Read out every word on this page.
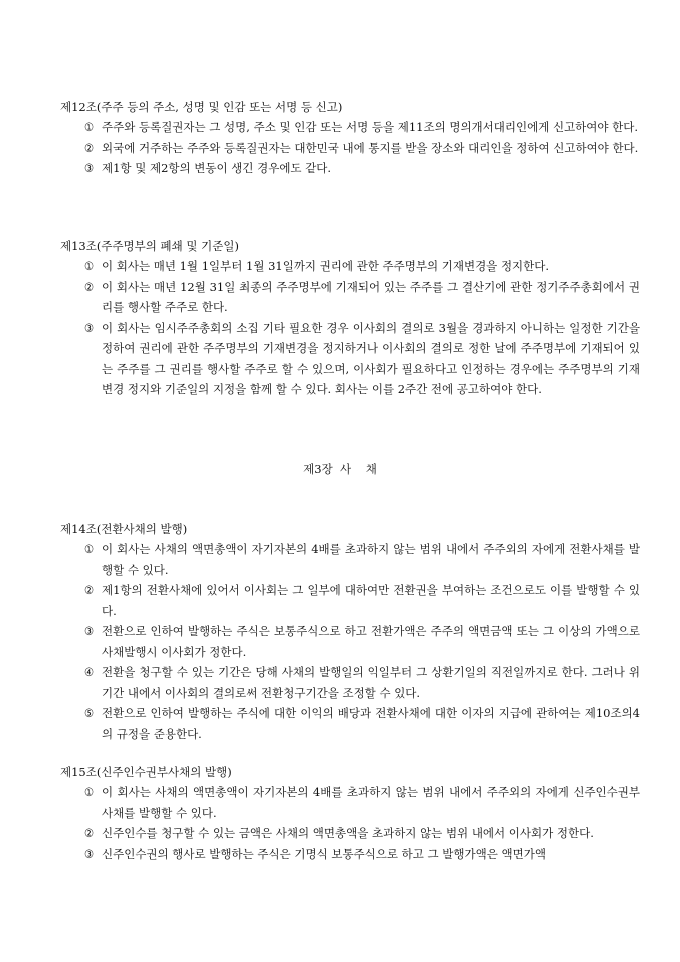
제12조(주주 등의 주소, 성명 및 인감 또는 서명 등 신고)
① 주주와 등록질권자는 그 성명, 주소 및 인감 또는 서명 등을 제11조의 명의개서대리인에게 신고하여야 한다.
② 외국에 거주하는 주주와 등록질권자는 대한민국 내에 통지를 받을 장소와 대리인을 정하여 신고하여야 한다.
③ 제1항 및 제2항의 변동이 생긴 경우에도 같다.
제13조(주주명부의 폐쇄 및 기준일)
① 이 회사는 매년 1월 1일부터 1월 31일까지 권리에 관한 주주명부의 기재변경을 정지한다.
② 이 회사는 매년 12월 31일 최종의 주주명부에 기재되어 있는 주주를 그 결산기에 관한 정기주주총회에서 권리를 행사할 주주로 한다.
③ 이 회사는 임시주주총회의 소집 기타 필요한 경우 이사회의 결의로 3월을 경과하지 아니하는 일정한 기간을 정하여 권리에 관한 주주명부의 기재변경을 정지하거나 이사회의 결의로 정한 날에 주주명부에 기재되어 있는 주주를 그 권리를 행사할 주주로 할 수 있으며, 이사회가 필요하다고 인정하는 경우에는 주주명부의 기재변경 정지와 기준일의 지정을 함께 할 수 있다. 회사는 이를 2주간 전에 공고하여야 한다.
제3장  사    채
제14조(전환사채의 발행)
① 이 회사는 사채의 액면총액이 자기자본의 4배를 초과하지 않는 범위 내에서 주주외의 자에게 전환사채를 발행할 수 있다.
② 제1항의 전환사채에 있어서 이사회는 그 일부에 대하여만 전환권을 부여하는 조건으로도 이를 발행할 수 있다.
③ 전환으로 인하여 발행하는 주식은 보통주식으로 하고 전환가액은 주주의 액면금액 또는 그 이상의 가액으로 사채발행시 이사회가 정한다.
④ 전환을 청구할 수 있는 기간은 당해 사채의 발행일의 익일부터 그 상환기일의 직전일까지로 한다. 그러나 위 기간 내에서 이사회의 결의로써 전환청구기간을 조정할 수 있다.
⑤ 전환으로 인하여 발행하는 주식에 대한 이익의 배당과 전환사채에 대한 이자의 지급에 관하여는 제10조의4의 규정을 준용한다.
제15조(신주인수권부사채의 발행)
① 이 회사는 사채의 액면총액이 자기자본의 4배를 초과하지 않는 범위 내에서 주주외의 자에게 신주인수권부사채를 발행할 수 있다.
② 신주인수를 청구할 수 있는 금액은 사채의 액면총액을 초과하지 않는 범위 내에서 이사회가 정한다.
③ 신주인수권의 행사로 발행하는 주식은 기명식 보통주식으로 하고 그 발행가액은 액면가액
